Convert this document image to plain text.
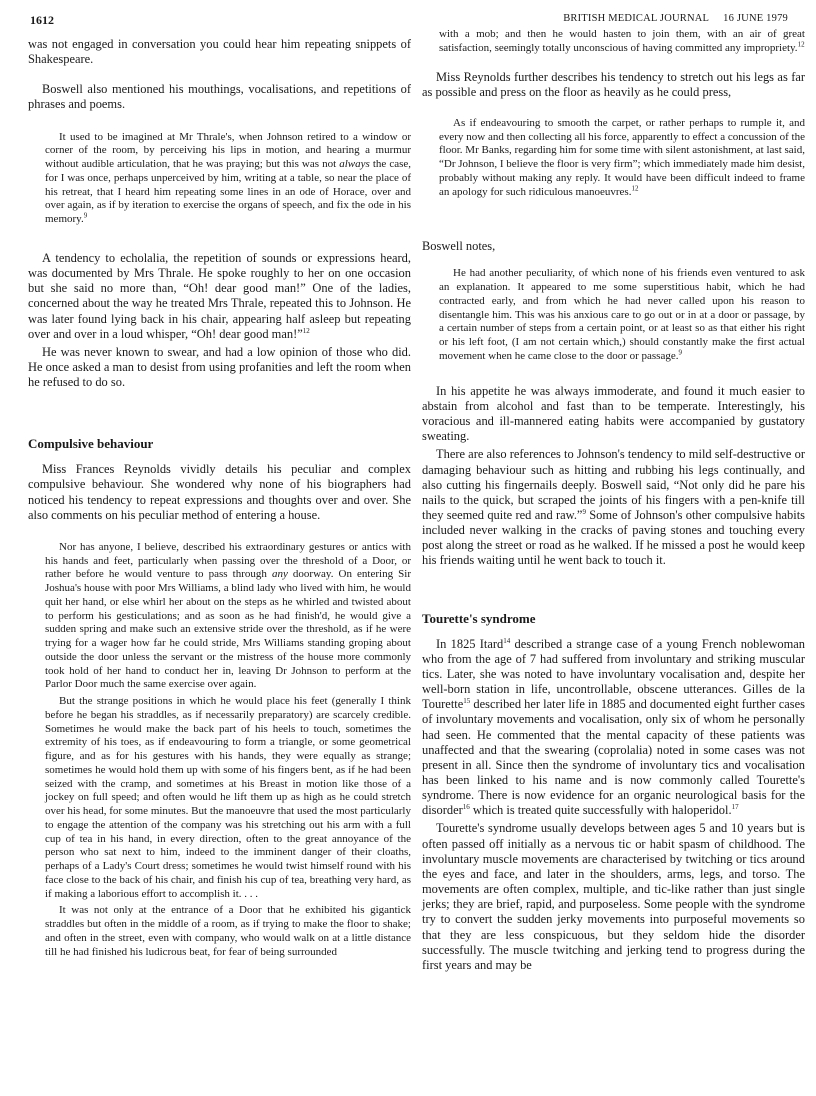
1612	BRITISH MEDICAL JOURNAL 16 JUNE 1979

was not engaged in conversation you could hear him repeating snippets of Shakespeare.

Boswell also mentioned his mouthings, vocalisations, and repetitions of phrases and poems.

It used to be imagined at Mr Thrale's, when Johnson retired to a window or corner of the room, by perceiving his lips in motion, and hearing a murmur without audible articulation, that he was praying; but this was not always the case, for I was once, perhaps unperceived by him, writing at a table, so near the place of his retreat, that I heard him repeating some lines in an ode of Horace, over and over again, as if by iteration to exercise the organs of speech, and fix the ode in his memory.$^9$

A tendency to echolalia, the repetition of sounds or expressions heard, was documented by Mrs Thrale. He spoke roughly to her on one occasion but she said no more than, “Oh! dear good man!” One of the ladies, concerned about the way he treated Mrs Thrale, repeated this to Johnson. He was later found lying back in his chair, appearing half asleep but repeating over and over in a loud whisper, “Oh! dear good man!”$^{12}$

He was never known to swear, and had a low opinion of those who did. He once asked a man to desist from using profanities and left the room when he refused to do so.

Compulsive behaviour

Miss Frances Reynolds vividly details his peculiar and complex compulsive behaviour. She wondered why none of his biographers had noticed his tendency to repeat expressions and thoughts over and over. She also comments on his peculiar method of entering a house.

Nor has anyone, I believe, described his extraordinary gestures or antics with his hands and feet, particularly when passing over the threshold of a Door, or rather before he would venture to pass through any doorway. On entering Sir Joshua's house with poor Mrs Williams, a blind lady who lived with him, he would quit her hand, or else whirl her about on the steps as he whirled and twisted about to perform his gesticulations; and as soon as he had finish'd, he would give a sudden spring and make such an extensive stride over the threshold, as if he were trying for a wager how far he could stride, Mrs Williams standing groping about outside the door unless the servant or the mistress of the house more commonly took hold of her hand to conduct her in, leaving Dr Johnson to perform at the Parlor Door much the same exercise over again.

But the strange positions in which he would place his feet (generally I think before he began his straddles, as if necessarily preparatory) are scarcely credible. Sometimes he would make the back part of his heels to touch, sometimes the extremity of his toes, as if endeavouring to form a triangle, or some geometrical figure, and as for his gestures with his hands, they were equally as strange; sometimes he would hold them up with some of his fingers bent, as if he had been seized with the cramp, and sometimes at his Breast in motion like those of a jockey on full speed; and often would he lift them up as high as he could stretch over his head, for some minutes. But the manoeuvre that used the most particularly to engage the attention of the company was his stretching out his arm with a full cup of tea in his hand, in every direction, often to the great annoyance of the person who sat next to him, indeed to the imminent danger of their cloaths, perhaps of a Lady's Court dress; sometimes he would twist himself round with his face close to the back of his chair, and finish his cup of tea, breathing very hard, as if making a laborious effort to accomplish it. . . .

It was not only at the entrance of a Door that he exhibited his gigantick straddles but often in the middle of a room, as if trying to make the floor to shake; and often in the street, even with company, who would walk on at a little distance till he had finished his ludicrous beat, for fear of being surrounded

with a mob; and then he would hasten to join them, with an air of great satisfaction, seemingly totally unconscious of having committed any impropriety.$^{12}$

Miss Reynolds further describes his tendency to stretch out his legs as far as possible and press on the floor as heavily as he could press,

As if endeavouring to smooth the carpet, or rather perhaps to rumple it, and every now and then collecting all his force, apparently to effect a concussion of the floor. Mr Banks, regarding him for some time with silent astonishment, at last said, “Dr Johnson, I believe the floor is very firm”; which immediately made him desist, probably without making any reply. It would have been difficult indeed to frame an apology for such ridiculous manoeuvres.$^{12}$

Boswell notes,

He had another peculiarity, of which none of his friends even ventured to ask an explanation. It appeared to me some superstitious habit, which he had contracted early, and from which he had never called upon his reason to disentangle him. This was his anxious care to go out or in at a door or passage, by a certain number of steps from a certain point, or at least so as that either his right or his left foot, (I am not certain which,) should constantly make the first actual movement when he came close to the door or passage.$^9$

In his appetite he was always immoderate, and found it much easier to abstain from alcohol and fast than to be temperate. Interestingly, his voracious and ill-mannered eating habits were accompanied by gustatory sweating.

There are also references to Johnson's tendency to mild self-destructive or damaging behaviour such as hitting and rubbing his legs continually, and also cutting his fingernails deeply. Boswell said, “Not only did he pare his nails to the quick, but scraped the joints of his fingers with a pen-knife till they seemed quite red and raw.”$^9$ Some of Johnson's other compulsive habits included never walking in the cracks of paving stones and touching every post along the street or road as he walked. If he missed a post he would keep his friends waiting until he went back to touch it.

Tourette's syndrome

In 1825 Itard$^{14}$ described a strange case of a young French noblewoman who from the age of 7 had suffered from involuntary and striking muscular tics. Later, she was noted to have involuntary vocalisation and, despite her well-born station in life, uncontrollable, obscene utterances. Gilles de la Tourette$^{15}$ described her later life in 1885 and documented eight further cases of involuntary movements and vocalisation, only six of whom he personally had seen. He commented that the mental capacity of these patients was unaffected and that the swearing (coprolalia) noted in some cases was not present in all. Since then the syndrome of involuntary tics and vocalisation has been linked to his name and is now commonly called Tourette's syndrome. There is now evidence for an organic neurological basis for the disorder$^{16}$ which is treated quite successfully with haloperidol.$^{17}$

Tourette's syndrome usually develops between ages 5 and 10 years but is often passed off initially as a nervous tic or habit spasm of childhood. The involuntary muscle movements are characterised by twitching or tics around the eyes and face, and later in the shoulders, arms, legs, and torso. The movements are often complex, multiple, and tic-like rather than just single jerks; they are brief, rapid, and purposeless. Some people with the syndrome try to convert the sudden jerky movements into purposeful movements so that they are less conspicuous, but they seldom hide the disorder successfully. The muscle twitching and jerking tend to progress during the first years and may be
